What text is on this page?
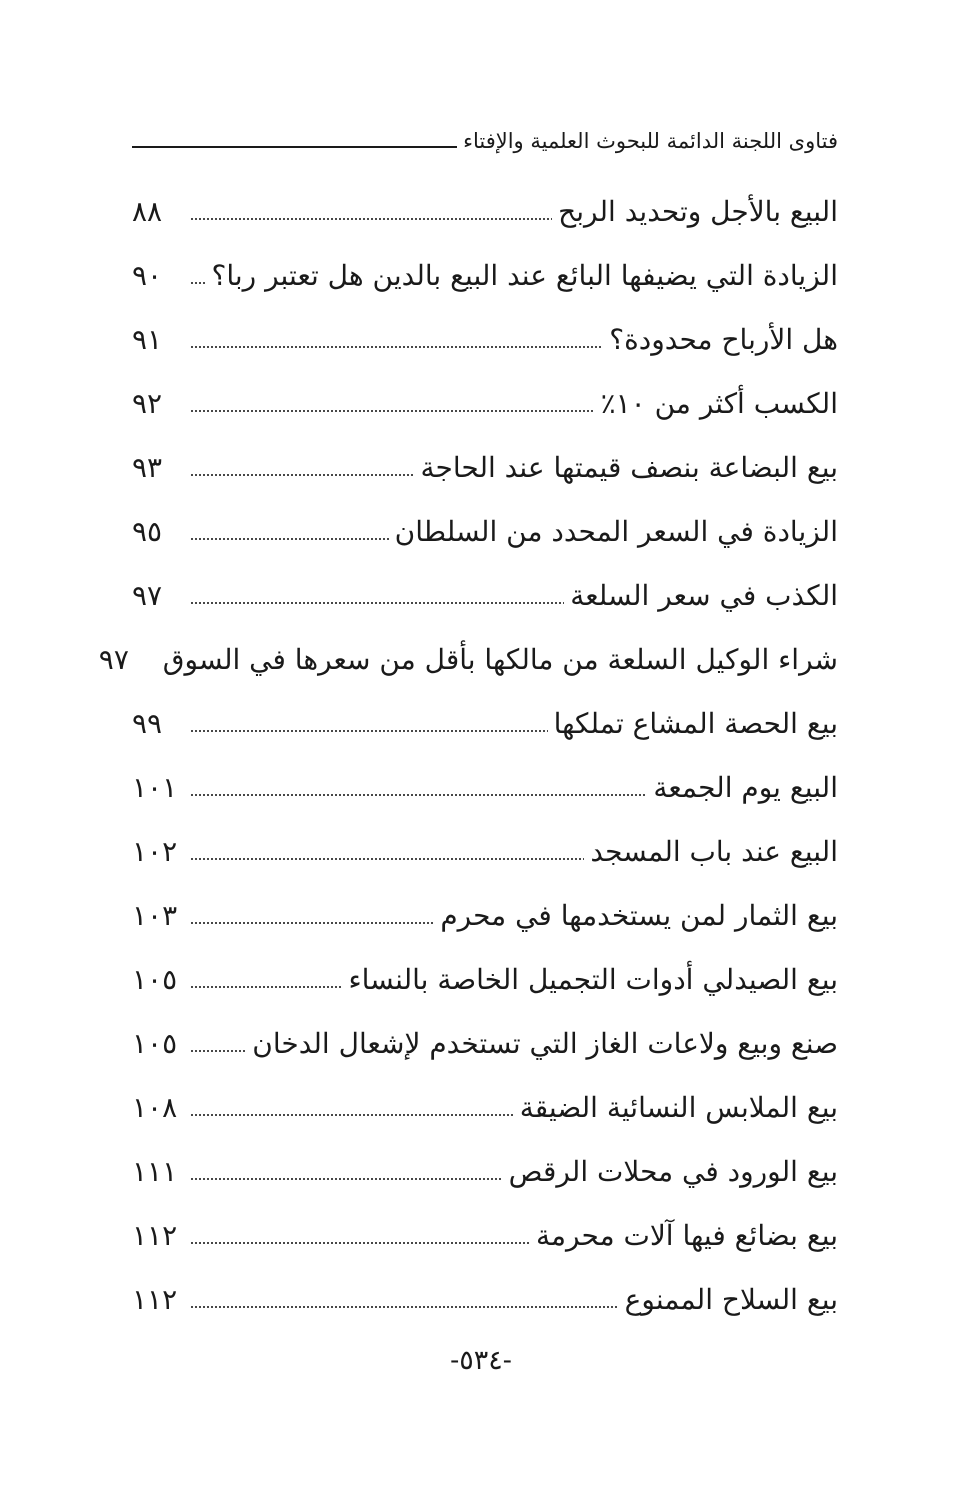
فتاوى اللجنة الدائمة للبحوث العلمية والإفتاء
البيع بالأجل وتحديد الربح
٨٨
الزيادة التي يضيفها البائع عند البيع بالدين هل تعتبر ربا؟
٩٠
هل الأرباح محدودة؟
٩١
الكسب أكثر من ١٠٪
٩٢
بيع البضاعة بنصف قيمتها عند الحاجة
٩٣
الزيادة في السعر المحدد من السلطان
٩٥
الكذب في سعر السلعة
٩٧
شراء الوكيل السلعة من مالكها بأقل من سعرها في السوق
٩٧
بيع الحصة المشاع تملكها
٩٩
البيع يوم الجمعة
١٠١
البيع عند باب المسجد
١٠٢
بيع الثمار لمن يستخدمها في محرم
١٠٣
بيع الصيدلي أدوات التجميل الخاصة بالنساء
١٠٥
صنع وبيع ولاعات الغاز التي تستخدم لإشعال الدخان
١٠٥
بيع الملابس النسائية الضيقة
١٠٨
بيع الورود في محلات الرقص
١١١
بيع بضائع فيها آلات محرمة
١١٢
بيع السلاح الممنوع
١١٢
-٥٣٤-
